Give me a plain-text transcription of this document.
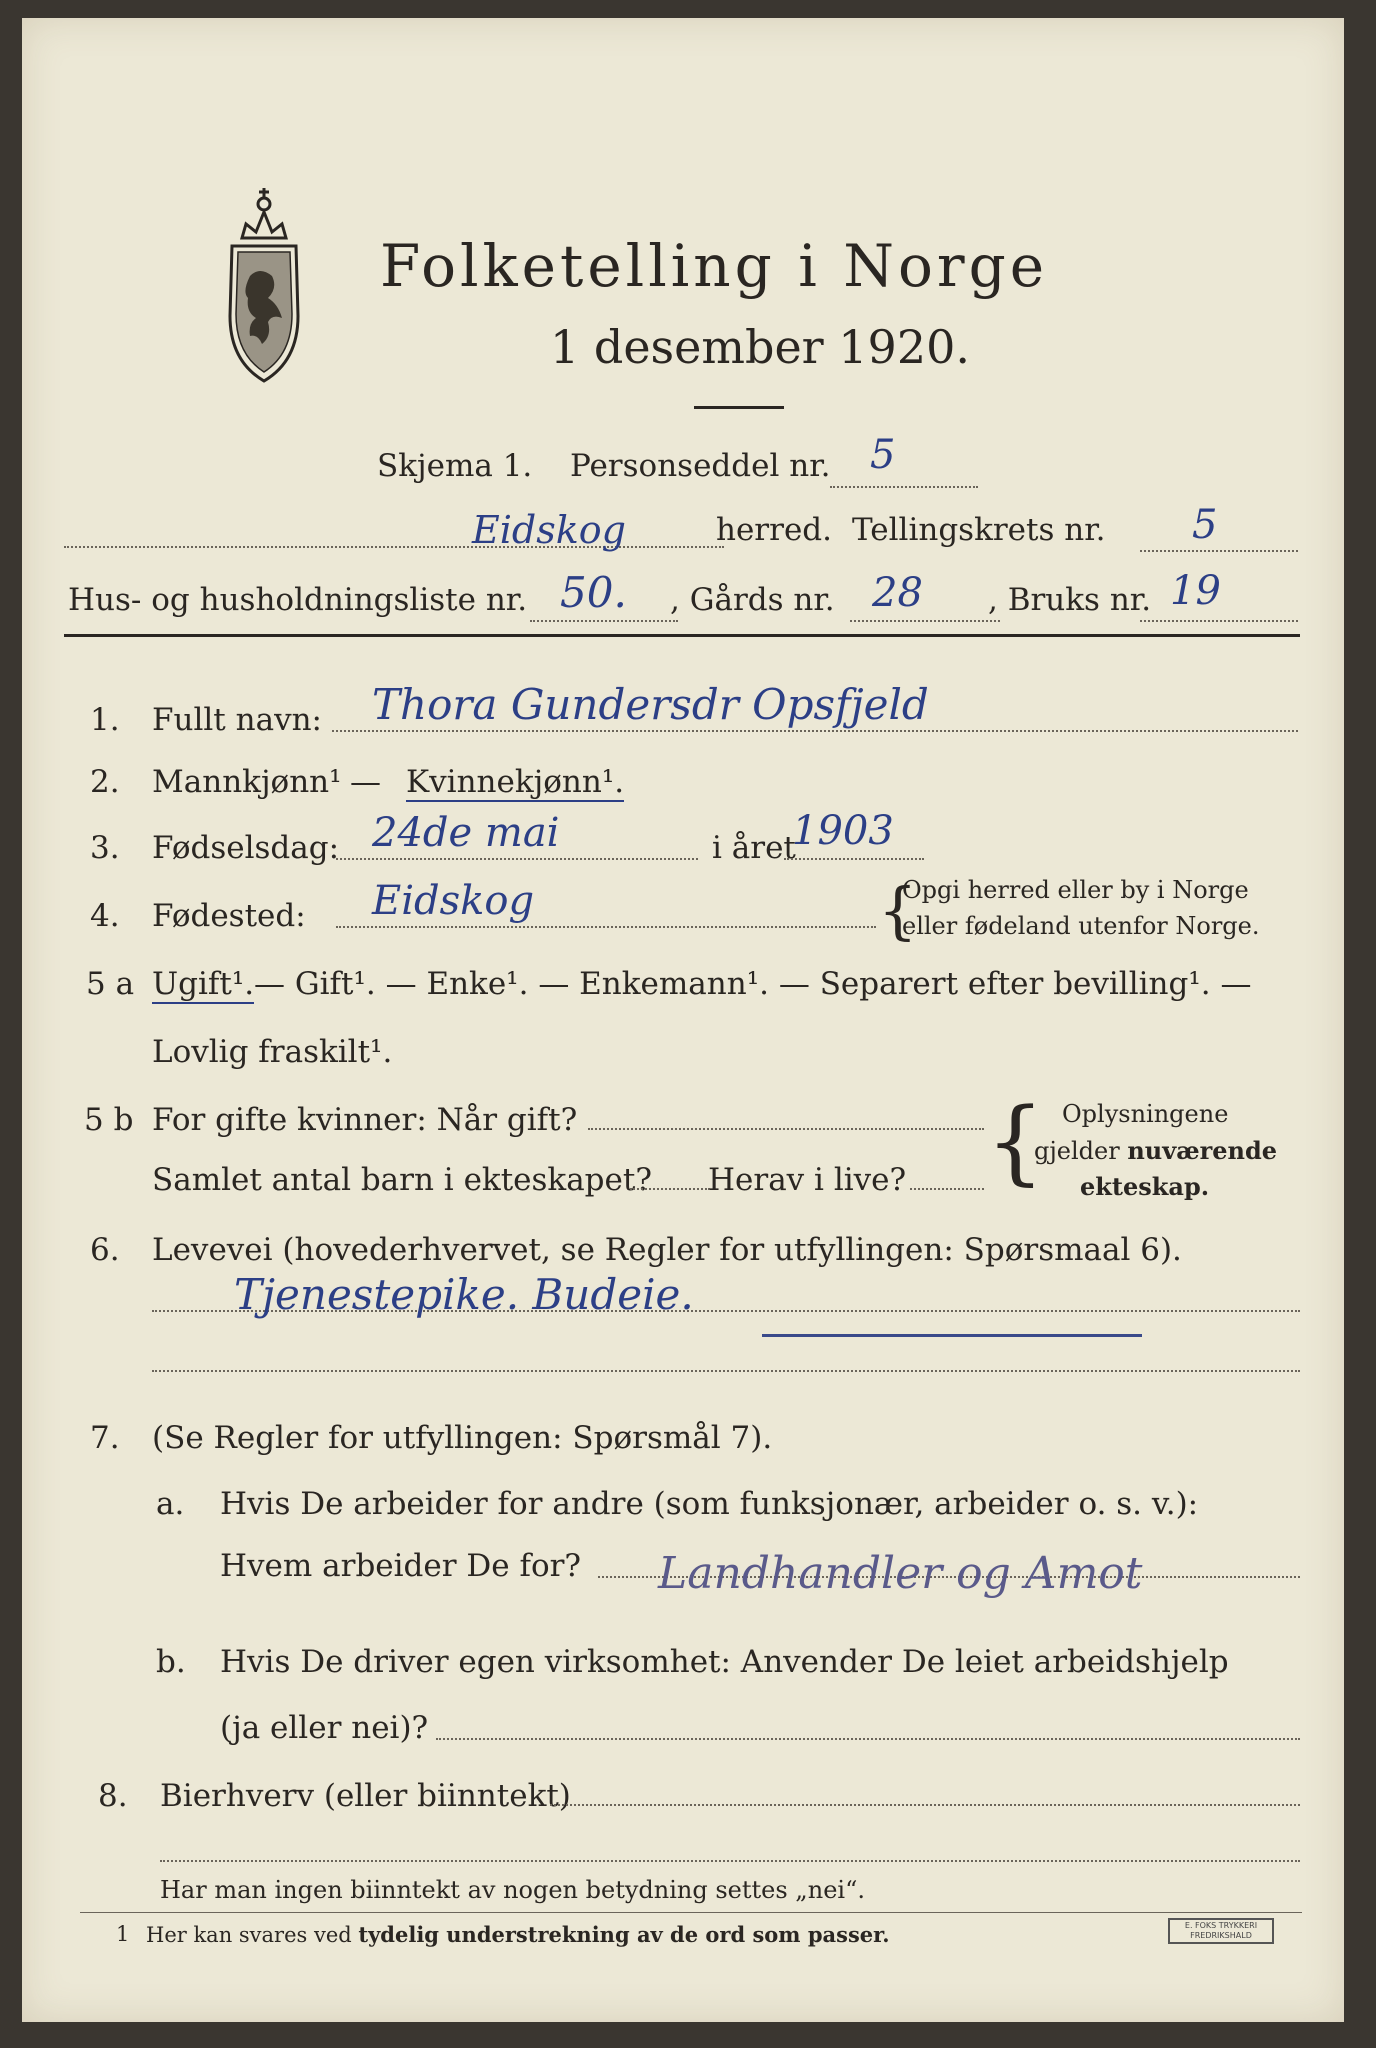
Folketelling i Norge
1 desember 1920.
Skjema 1. Personseddel nr. 5
Eidskog	herred. Tellingskrets nr. 5
Hus- og husholdningsliste nr. 50. , Gårds nr. 28 , Bruks nr. 19
1. Fullt navn: Thora Gundersdr Opsfjeld
2. Mannkjønn¹ — Kvinnekjønn¹.
3. Fødselsdag: 24de mai	i året
1903
4. Fødested: Eidskog	{
Opgi herred eller by i Norge
eller fødeland utenfor Norge.
5 a Ugift¹. — Gift¹. — Enke¹. — Enkemann¹. — Separert efter bevilling¹. —
Lovlig fraskilt¹.
5 b For gifte kvinner: Når gift?
Samlet antal barn i ekteskapet? Herav i live? { Oplysningene
gjelder nuværende
ekteskap.
6. Levevei (hovederhvervet, se Regler for utfyllingen: Spørsmaal 6).
Tjenestepike. Budeie.
7. (Se Regler for utfyllingen: Spørsmål 7).
a. Hvis De arbeider for andre (som funksjonær, arbeider o. s. v.):
Hvem arbeider De for? Landhandler og Amot
b. Hvis De driver egen virksomhet: Anvender De leiet arbeidshjelp
(ja eller nei)?
8. Bierhverv (eller biinntekt)
Har man ingen biinntekt av nogen betydning settes „nei“.
1 Her kan svares ved tydelig understrekning av de ord som passer.	E. FOKS TRYKKERI
FREDRIKSHALD
